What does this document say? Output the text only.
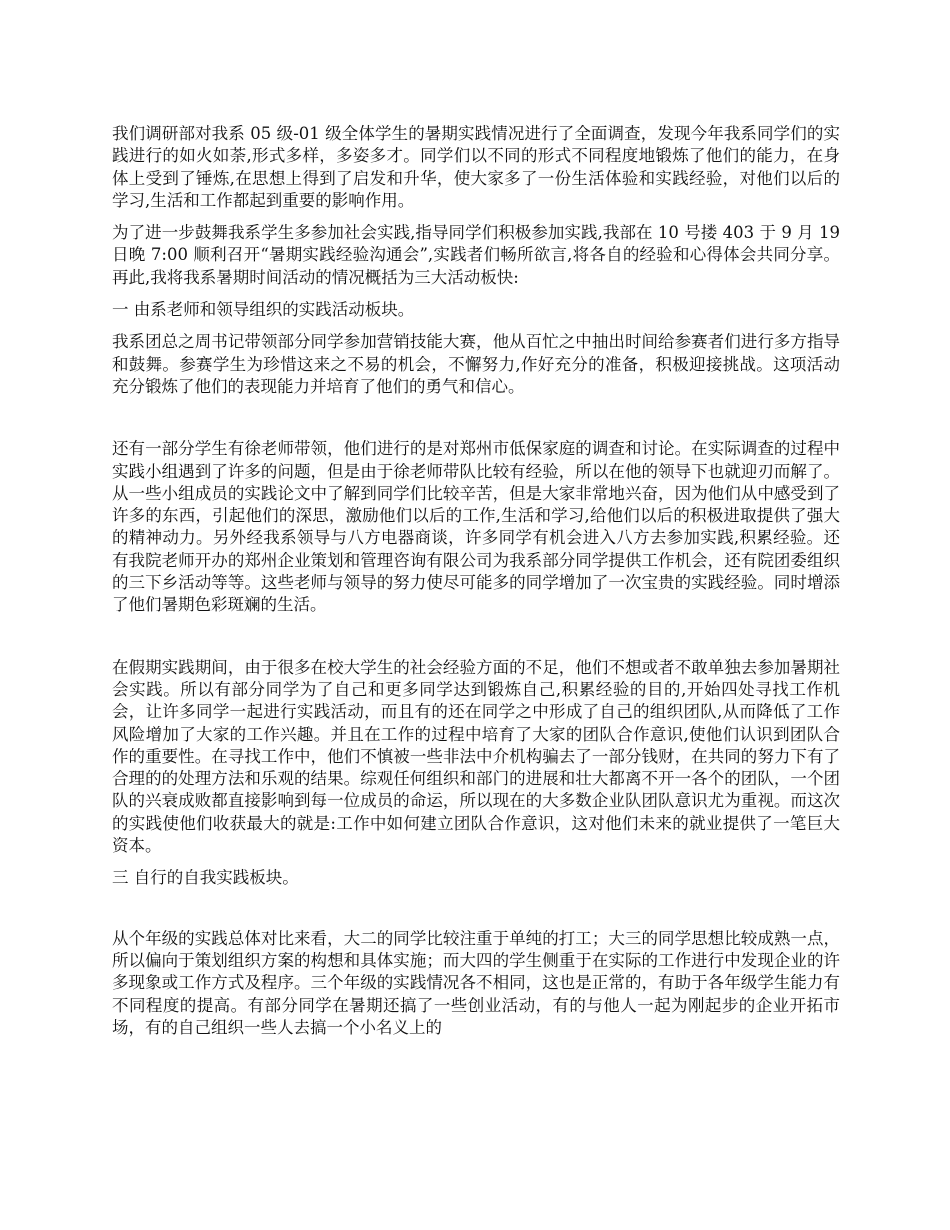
我们调研部对我系 05 级-01 级全体学生的暑期实践情况进行了全面调查，发现今年我系同学们的实践进行的如火如荼,形式多样，多姿多才。同学们以不同的形式不同程度地锻炼了他们的能力，在身体上受到了锤炼,在思想上得到了启发和升华，使大家多了一份生活体验和实践经验，对他们以后的学习,生活和工作都起到重要的影响作用。

为了进一步鼓舞我系学生多参加社会实践,指导同学们积极参加实践,我部在 10 号搂 403 于 9 月 19 日晚 7:00 顺利召开“暑期实践经验沟通会”,实践者们畅所欲言,将各自的经验和心得体会共同分享。再此,我将我系暑期时间活动的情况概括为三大活动板快:

一 由系老师和领导组织的实践活动板块。

我系团总之周书记带领部分同学参加营销技能大赛，他从百忙之中抽出时间给参赛者们进行多方指导和鼓舞。参赛学生为珍惜这来之不易的机会，不懈努力,作好充分的准备，积极迎接挑战。这项活动充分锻炼了他们的表现能力并培育了他们的勇气和信心。

还有一部分学生有徐老师带领，他们进行的是对郑州市低保家庭的调查和讨论。在实际调查的过程中实践小组遇到了许多的问题，但是由于徐老师带队比较有经验，所以在他的领导下也就迎刃而解了。从一些小组成员的实践论文中了解到同学们比较辛苦，但是大家非常地兴奋，因为他们从中感受到了许多的东西，引起他们的深思，激励他们以后的工作,生活和学习,给他们以后的积极进取提供了强大的精神动力。另外经我系领导与八方电器商谈，许多同学有机会进入八方去参加实践,积累经验。还有我院老师开办的郑州企业策划和管理咨询有限公司为我系部分同学提供工作机会，还有院团委组织的三下乡活动等等。这些老师与领导的努力使尽可能多的同学增加了一次宝贵的实践经验。同时增添了他们暑期色彩斑斓的生活。

在假期实践期间，由于很多在校大学生的社会经验方面的不足，他们不想或者不敢单独去参加暑期社会实践。所以有部分同学为了自己和更多同学达到锻炼自己,积累经验的目的,开始四处寻找工作机会，让许多同学一起进行实践活动，而且有的还在同学之中形成了自己的组织团队,从而降低了工作风险增加了大家的工作兴趣。并且在工作的过程中培育了大家的团队合作意识,使他们认识到团队合作的重要性。在寻找工作中，他们不慎被一些非法中介机构骗去了一部分钱财，在共同的努力下有了合理的的处理方法和乐观的结果。综观任何组织和部门的进展和壮大都离不开一各个的团队，一个团队的兴衰成败都直接影响到每一位成员的命运，所以现在的大多数企业队团队意识尤为重视。而这次的实践使他们收获最大的就是:工作中如何建立团队合作意识，这对他们未来的就业提供了一笔巨大资本。

三 自行的自我实践板块。

从个年级的实践总体对比来看，大二的同学比较注重于单纯的打工；大三的同学思想比较成熟一点，所以偏向于策划组织方案的构想和具体实施；而大四的学生侧重于在实际的工作进行中发现企业的许多现象或工作方式及程序。三个年级的实践情况各不相同，这也是正常的，有助于各年级学生能力有不同程度的提高。有部分同学在暑期还搞了一些创业活动，有的与他人一起为刚起步的企业开拓市场，有的自己组织一些人去搞一个小名义上的
